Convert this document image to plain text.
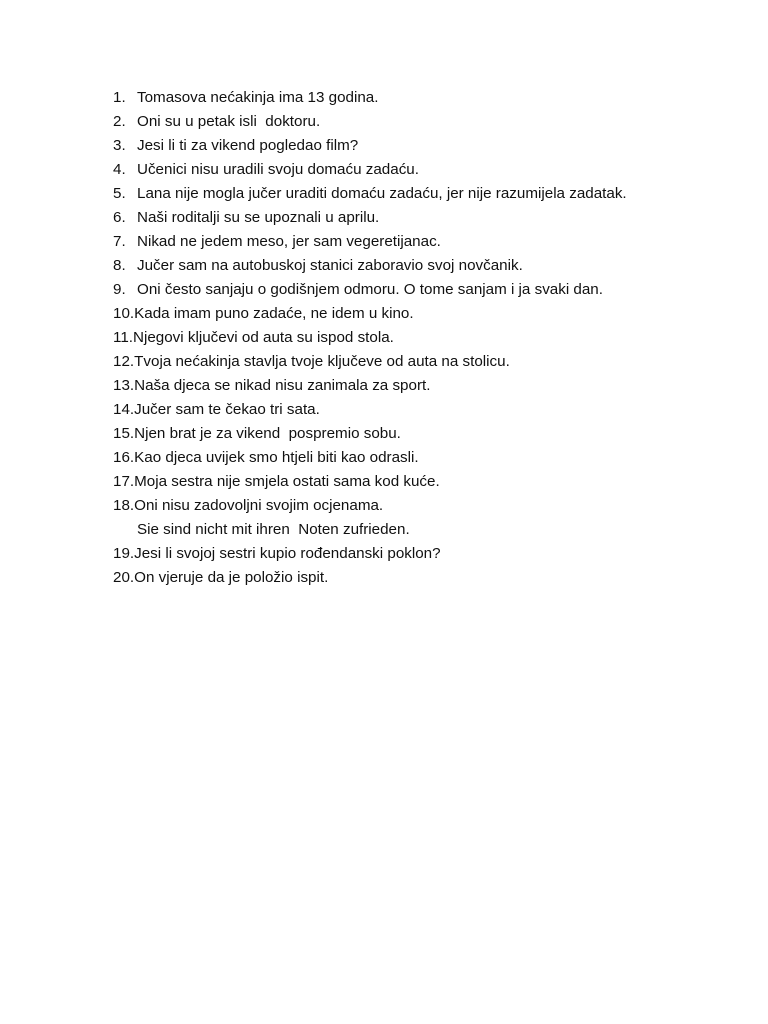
1. Tomasova nećakinja ima 13 godina.
2. Oni su u petak isli  doktoru.
3. Jesi li ti za vikend pogledao film?
4. Učenici nisu uradili svoju domaću zadaću.
5. Lana nije mogla jučer uraditi domaću zadaću, jer nije razumijela zadatak.
6. Naši roditalji su se upoznali u aprilu.
7. Nikad ne jedem meso, jer sam vegeretijanac.
8. Jučer sam na autobuskoj stanici zaboravio svoj novčanik.
9. Oni često sanjaju o godišnjem odmoru. O tome sanjam i ja svaki dan.
10. Kada imam puno zadaće, ne idem u kino.
11. Njegovi ključevi od auta su ispod stola.
12. Tvoja nećakinja stavlja tvoje ključeve od auta na stolicu.
13. Naša djeca se nikad nisu zanimala za sport.
14. Jučer sam te čekao tri sata.
15. Njen brat je za vikend  pospremio sobu.
16. Kao djeca uvijek smo htjeli biti kao odrasli.
17. Moja sestra nije smjela ostati sama kod kuće.
18. Oni nisu zadovoljni svojim ocjenama.
Sie sind nicht mit ihren  Noten zufrieden.
19. Jesi li svojoj sestri kupio rođendanski poklon?
20. On vjeruje da je položio ispit.
